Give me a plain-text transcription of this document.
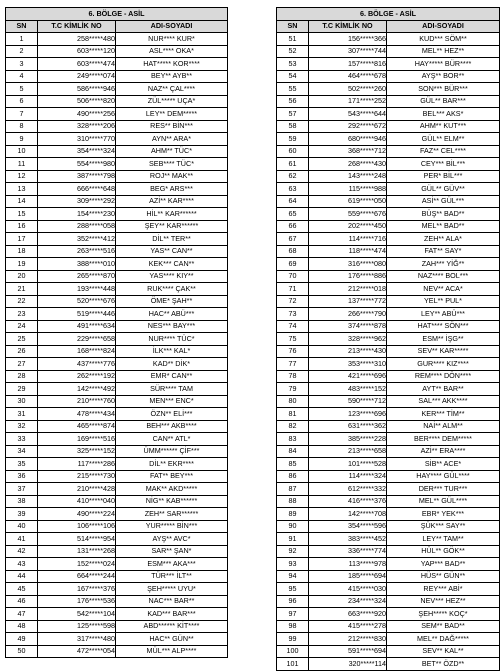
6. BÖLGE - ASİL		
SN	T.C KİMLİK NO	ADI-SOYADI
1	258*****480	NUR**** KUR*
2	603*****120	ASL**** OKA*
3	603*****474	HAT***** KOR****
4	249*****074	BEY** AYB**
5	586*****946	NAZ** ÇAL****
6	506*****820	ZÜL***** UÇA*
7	490*****256	LEY** DEM*****
8	328*****206	RES** BİN***
9	310*****770	AYN** ARA*
10	354*****324	AHM** TÜC*
11	554*****980	SEB**** TÜC*
12	387*****798	ROJ** MAK**
13	666*****648	BEG* ARS***
14	309*****292	AZİ** KAR****
15	154*****230	HİL** KAR******
16	288*****058	ŞEY** KAR******
17	352*****412	DİL** TER**
18	263*****516	YAS** CAN**
19	388*****010	KEK*** CAN**
20	265*****870	YAS**** KIY**
21	193*****448	RUK**** ÇAK**
22	520*****676	ÖME* ŞAH**
23	519*****446	HAC** ABÜ***
24	491*****634	NES*** BAY***
25	229*****658	NUR**** TÜC*
26	168*****824	İLK*** KAL*
27	437*****776	KAD** DİK*
28	262*****192	EMR* CAN**
29	142*****492	SÜR**** TAM
30	210*****760	MEN*** ENC*
31	478*****434	ÖZN** ELİ***
32	465*****874	BEH*** AKB****
33	169*****516	CAN** ATL*
34	325*****152	ÜMM****** ÇİF***
35	117*****286	DİL** EKR****
36	215*****730	FAT** BEY***
37	210*****428	MAK** AKD*****
38	410*****040	NİG** KAB******
39	490*****224	ZEH** SAR******
40	106*****106	YUR***** BİN***
41	514*****954	AYŞ** AVC*
42	131*****268	SAR** ŞAN*
43	152*****024	ESM*** AKA***
44	664*****244	TÜR*** İLT**
45	167*****376	ŞEH***** UYU*
46	176*****536	NAC*** BAR**
47	542*****104	KAD*** BAR***
48	125*****598	ABD****** KİT****
49	317*****480	HAC** GÜN**
50	472*****054	MÜL*** ALP****
6. BÖLGE - ASİL		
SN	T.C KİMLİK NO	ADI-SOYADI
51	156*****366	KUD*** SÖM**
52	307*****744	MEL** HEZ**
53	157*****816	HAY***** BÜR****
54	464*****678	AYŞ** BOR**
55	502*****260	SON*** BÜR***
56	171*****252	GÜL** BAR***
57	543*****644	BEL*** AKS*
58	292*****672	AHM** KUT***
59	680*****946	GÜL** ELM**
60	368*****712	FAZ** CEL****
61	268*****430	CEY*** BİL***
62	143*****248	PER* BİL***
63	115*****988	GÜL** GÜV**
64	619*****050	ASİ** GÜL***
65	559*****676	BÜŞ** BAD**
66	202*****450	MEL** BAD**
67	114*****716	ZEH** ALA*
68	118*****474	FAT** SAY*
69	316*****080	ZAH*** YİĞ**
70	176*****886	NAZ**** BOL***
71	212*****018	NEV** ACA*
72	137*****772	YEL** PUL*
73	266*****790	LEY** ABÜ***
74	374*****878	HAT**** SÖN***
75	328*****962	ESM** İŞG**
76	213*****430	SEV** KAR*****
77	353*****310	GUR**** KIZ****
78	421*****696	REM**** DÖN****
79	483*****152	AYT** BAR**
80	590*****712	SAL*** AKK****
81	123*****696	KER*** TİM**
82	631*****362	NAİ** ALM**
83	385*****228	BER**** DEM*****
84	213*****658	AZİ** ERA****
85	101*****528	SİB** ACE*
86	114*****324	HAY**** GÜL****
87	612*****332	DER*** TUR***
88	416*****376	MEL** GÜL****
89	142*****708	EBR* YEK***
90	354*****596	ŞÜK*** SAY**
91	383*****452	LEY** TAM**
92	336*****774	HÜL** GÖK**
93	113*****978	YAP*** BAD**
94	185*****694	HÜS** GÜN**
95	415*****030	REY*** ABİ*
96	234*****324	NEV*** HEZ**
97	663*****920	ŞEH***** KOÇ*
98	415*****278	SEM** BAD**
99	212*****830	MEL** DAĞ*****
100	591*****694	SEV** KAL**
101	320*****114	BET** ÖZD**
